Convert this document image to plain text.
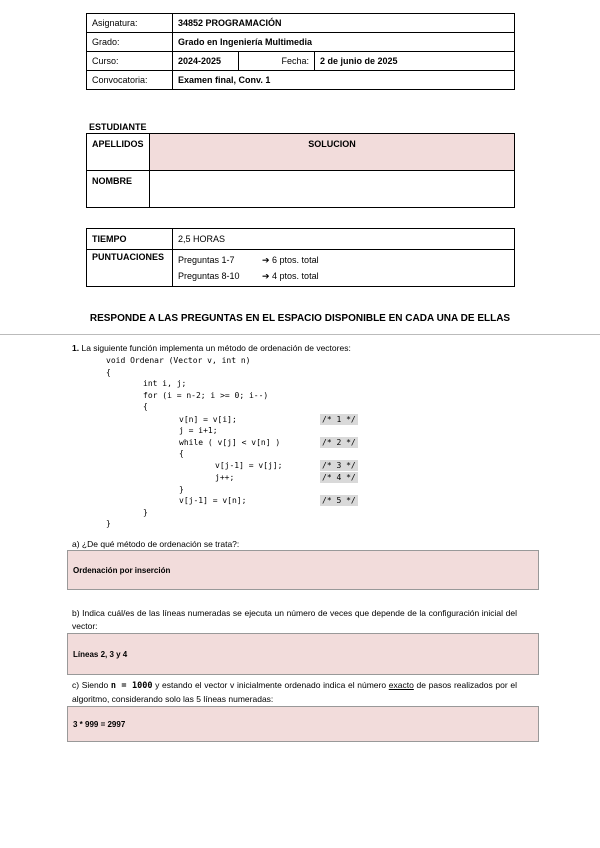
Asignatura:	34852 PROGRAMACIÓN		
Grado:	Grado en Ingeniería Multimedia		
Curso:	2024-2025	Fecha:	2 de junio de 2025
Convocatoria:	Examen final, Conv. 1		
ESTUDIANTE
APELLIDOS	SOLUCION
NOMBRE	
TIEMPO	2,5 HORAS
PUNTUACIONES	Preguntas 1-7 ➔ 6 ptos. total
Preguntas 8-10 ➔ 4 ptos. total
RESPONDE A LAS PREGUNTAS EN EL ESPACIO DISPONIBLE EN CADA UNA DE ELLAS
1. La siguiente función implementa un método de ordenación de vectores:
void Ordenar (Vector v, int n)
{
int i, j;
for (i = n-2; i >= 0; i--)
{
v[n] = v[i];
j = i+1;
while ( v[j] < v[n] )
{
v[j-1] = v[j];
j++;
}
v[j-1] = v[n];
}
}
/* 1 */
/* 2 */
/* 3 */
/* 4 */
/* 5 */
a) ¿De qué método de ordenación se trata?:
Ordenación por inserción
b) Indica cuál/es de las líneas numeradas se ejecuta un número de veces que depende de la configuración inicial del vector:
Líneas 2, 3 y 4
c) Siendo n = 1000 y estando el vector v inicialmente ordenado indica el número exacto de pasos realizados por el algoritmo, considerando solo las 5 líneas numeradas:
3 * 999 = 2997
